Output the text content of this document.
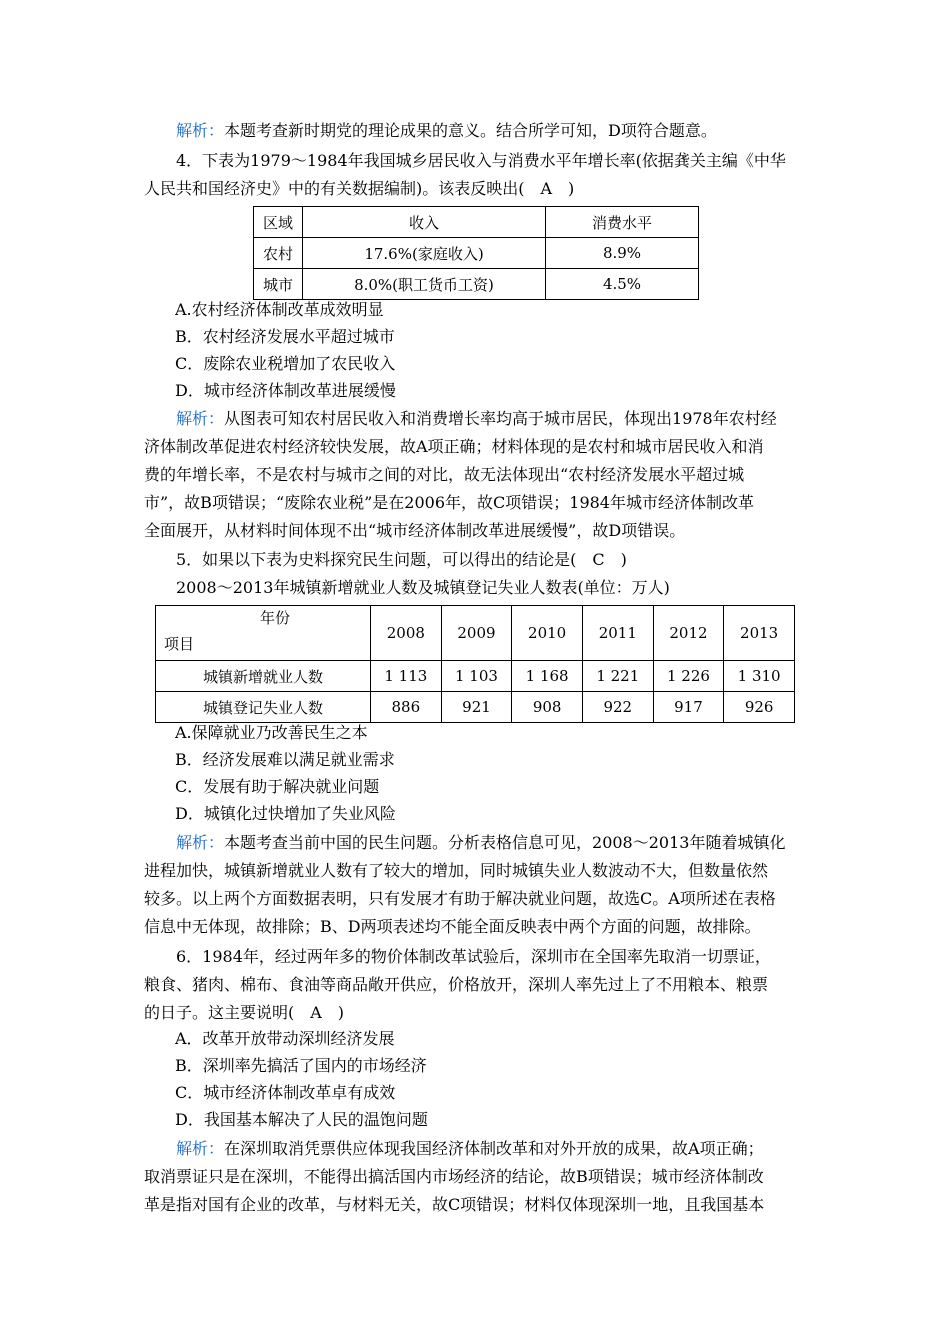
解析：本题考查新时期党的理论成果的意义。结合所学可知，D项符合题意。
4．下表为1979～1984年我国城乡居民收入与消费水平年增长率(依据龚关主编《中华
人民共和国经济史》中的有关数据编制)。该表反映出(　A　)
区域	收入	消费水平
农村	17.6%(家庭收入)	8.9%
城市	8.0%(职工货币工资)	4.5%
A.农村经济体制改革成效明显
B．农村经济发展水平超过城市
C．废除农业税增加了农民收入
D．城市经济体制改革进展缓慢
解析：从图表可知农村居民收入和消费增长率均高于城市居民，体现出1978年农村经
济体制改革促进农村经济较快发展，故A项正确；材料体现的是农村和城市居民收入和消
费的年增长率，不是农村与城市之间的对比，故无法体现出“农村经济发展水平超过城
市”，故B项错误；“废除农业税”是在2006年，故C项错误；1984年城市经济体制改革
全面展开，从材料时间体现不出“城市经济体制改革进展缓慢”，故D项错误。
5．如果以下表为史料探究民生问题，可以得出的结论是(　C　)
2008～2013年城镇新增就业人数及城镇登记失业人数表(单位：万人)
年份
项目	2008	2009	2010	2011	2012	2013
城镇新增就业人数	1 113	1 103	1 168	1 221	1 226	1 310
城镇登记失业人数	886	921	908	922	917	926
A.保障就业乃改善民生之本
B．经济发展难以满足就业需求
C．发展有助于解决就业问题
D．城镇化过快增加了失业风险
解析：本题考查当前中国的民生问题。分析表格信息可见，2008～2013年随着城镇化
进程加快，城镇新增就业人数有了较大的增加，同时城镇失业人数波动不大，但数量依然
较多。以上两个方面数据表明，只有发展才有助于解决就业问题，故选C。A项所述在表格
信息中无体现，故排除；B、D两项表述均不能全面反映表中两个方面的问题，故排除。
6．1984年，经过两年多的物价体制改革试验后，深圳市在全国率先取消一切票证，
粮食、猪肉、棉布、食油等商品敞开供应，价格放开，深圳人率先过上了不用粮本、粮票
的日子。这主要说明(　A　)
A．改革开放带动深圳经济发展
B．深圳率先搞活了国内的市场经济
C．城市经济体制改革卓有成效
D．我国基本解决了人民的温饱问题
解析：在深圳取消凭票供应体现我国经济体制改革和对外开放的成果，故A项正确；
取消票证只是在深圳，不能得出搞活国内市场经济的结论，故B项错误；城市经济体制改
革是指对国有企业的改革，与材料无关，故C项错误；材料仅体现深圳一地，且我国基本
